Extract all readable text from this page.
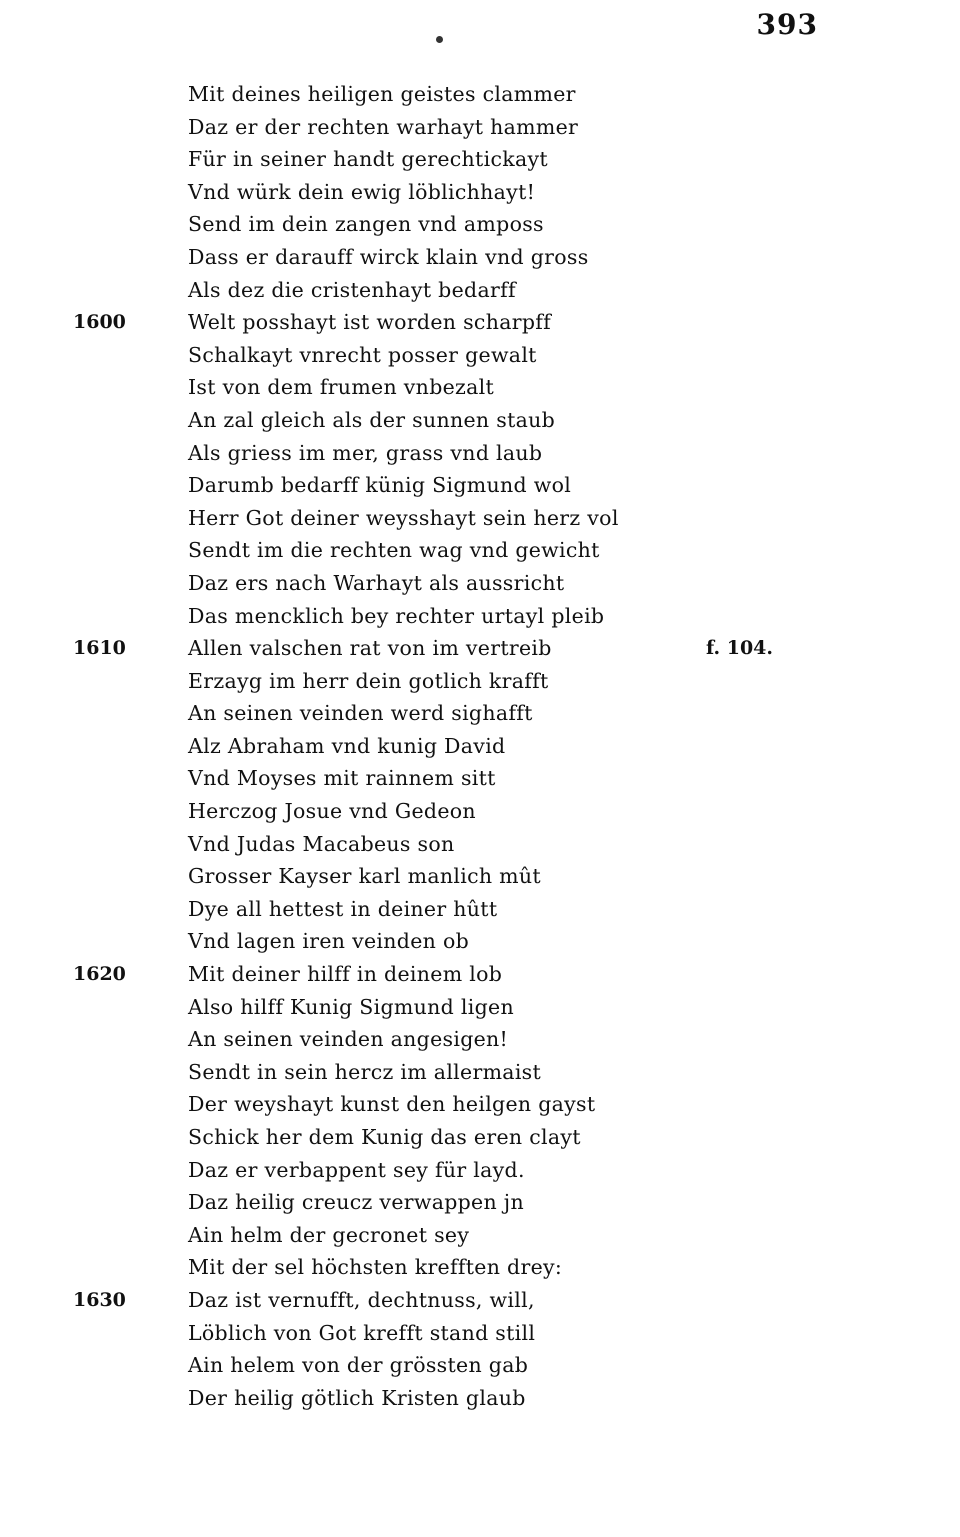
393
Mit deines heiligen geistes clammer
Daz er der rechten warhayt hammer
Für in seiner handt gerechtickayt
Vnd würk dein ewig löblichhayt!
Send im dein zangen vnd amposs
Dass er darauff wirck klain vnd gross
Als dez die cristenhayt bedarff
1600	Welt posshayt ist worden scharpff
Schalkayt vnrecht posser gewalt
Ist von dem frumen vnbezalt
An zal gleich als der sunnen staub
Als griess im mer, grass vnd laub
Darumb bedarff künig Sigmund wol
Herr Got deiner weysshayt sein herz vol
Sendt im die rechten wag vnd gewicht
Daz ers nach Warhayt als aussricht
Das mencklich bey rechter urtayl pleib
1610	Allen valschen rat von im vertreib	f. 104.
Erzayg im herr dein gotlich krafft
An seinen veinden werd sighafft
Alz Abraham vnd kunig David
Vnd Moyses mit rainnem sitt
Herczog Josue vnd Gedeon
Vnd Judas Macabeus son
Grosser Kayser karl manlich mût
Dye all hettest in deiner hûtt
Vnd lagen iren veinden ob
1620	Mit deiner hilff in deinem lob
Also hilff Kunig Sigmund ligen
An seinen veinden angesigen!
Sendt in sein hercz im allermaist
Der weyshayt kunst den heilgen gayst
Schick her dem Kunig das eren clayt
Daz er verbappent sey für layd.
Daz heilig creucz verwappen jn
Ain helm der gecronet sey
Mit der sel höchsten krefften drey:
1630	Daz ist vernufft, dechtnuss, will,
Löblich von Got krefft stand still
Ain helem von der grössten gab
Der heilig götlich Kristen glaub
